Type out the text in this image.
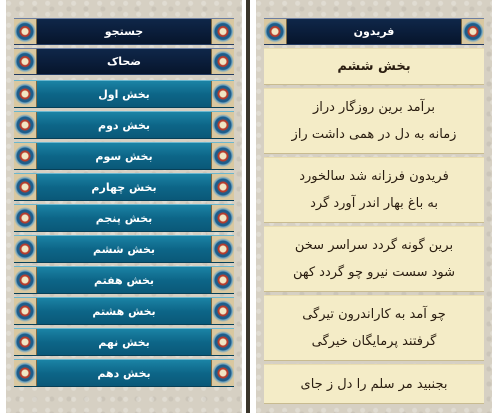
جستجو
ضحاک
بخش اول
بخش دوم
بخش سوم
بخش چهارم
بخش پنجم
بخش ششم
بخش هفتم
بخش هشتم
بخش نهم
بخش دهم
فریدون
بخش ششم
برآمد برین روزگار دراز
زمانه به دل در همی داشت راز
فریدون فرزانه شد سالخورد
به باغ بهار اندر آورد گرد
برین گونه گردد سراسر سخن
شود سست نیرو چو گردد کهن
چو آمد به کاراندرون تیرگی
گرفتند پرمایگان خیرگی
بجنبید مر سلم را دل ز جای
